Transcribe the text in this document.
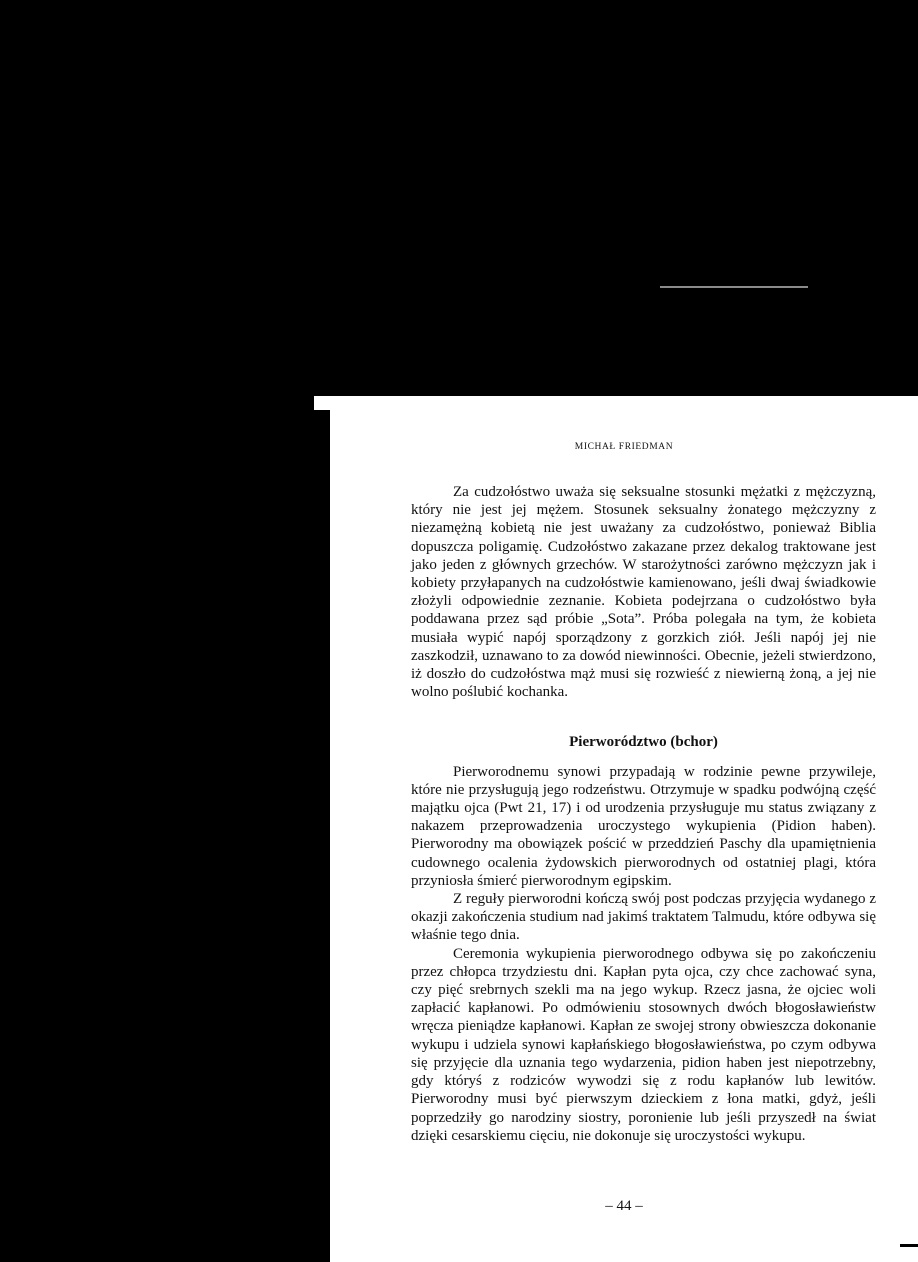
MICHAŁ FRIEDMAN

Za cudzołóstwo uważa się seksualne stosunki mężatki z mężczyzną, który nie jest jej mężem. Stosunek seksualny żonatego mężczyzny z niezamężną kobietą nie jest uważany za cudzołóstwo, ponieważ Biblia dopuszcza poligamię. Cudzołóstwo zakazane przez dekalog traktowane jest jako jeden z głównych grzechów. W starożytności zarówno mężczyzn jak i kobiety przyłapanych na cudzołóstwie kamienowano, jeśli dwaj świadkowie złożyli odpowiednie zeznanie. Kobieta podejrzana o cudzołóstwo była poddawana przez sąd próbie „Sota”. Próba polegała na tym, że kobieta musiała wypić napój sporządzony z gorzkich ziół. Jeśli napój jej nie zaszkodził, uznawano to za dowód niewinności. Obecnie, jeżeli stwierdzono, iż doszło do cudzołóstwa mąż musi się rozwieść z niewierną żoną, a jej nie wolno poślubić kochanka.

Pierworództwo (bchor)

Pierworodnemu synowi przypadają w rodzinie pewne przywileje, które nie przysługują jego rodzeństwu. Otrzymuje w spadku podwójną część majątku ojca (Pwt 21, 17) i od urodzenia przysługuje mu status związany z nakazem przeprowadzenia uroczystego wykupienia (Pidion haben). Pierworodny ma obowiązek pościć w przeddzień Paschy dla upamiętnienia cudownego ocalenia żydowskich pierworodnych od ostatniej plagi, która przyniosła śmierć pierworodnym egipskim.

Z reguły pierworodni kończą swój post podczas przyjęcia wydanego z okazji zakończenia studium nad jakimś traktatem Talmudu, które odbywa się właśnie tego dnia.

Ceremonia wykupienia pierworodnego odbywa się po zakończeniu przez chłopca trzydziestu dni. Kapłan pyta ojca, czy chce zachować syna, czy pięć srebrnych szekli ma na jego wykup. Rzecz jasna, że ojciec woli zapłacić kapłanowi. Po odmówieniu stosownych dwóch błogosławieństw wręcza pieniądze kapłanowi. Kapłan ze swojej strony obwieszcza dokonanie wykupu i udziela synowi kapłańskiego błogosławieństwa, po czym odbywa się przyjęcie dla uznania tego wydarzenia, pidion haben jest niepotrzebny, gdy któryś z rodziców wywodzi się z rodu kapłanów lub lewitów. Pierworodny musi być pierwszym dzieckiem z łona matki, gdyż, jeśli poprzedziły go narodziny siostry, poronienie lub jeśli przyszedł na świat dzięki cesarskiemu cięciu, nie dokonuje się uroczystości wykupu.

– 44 –
